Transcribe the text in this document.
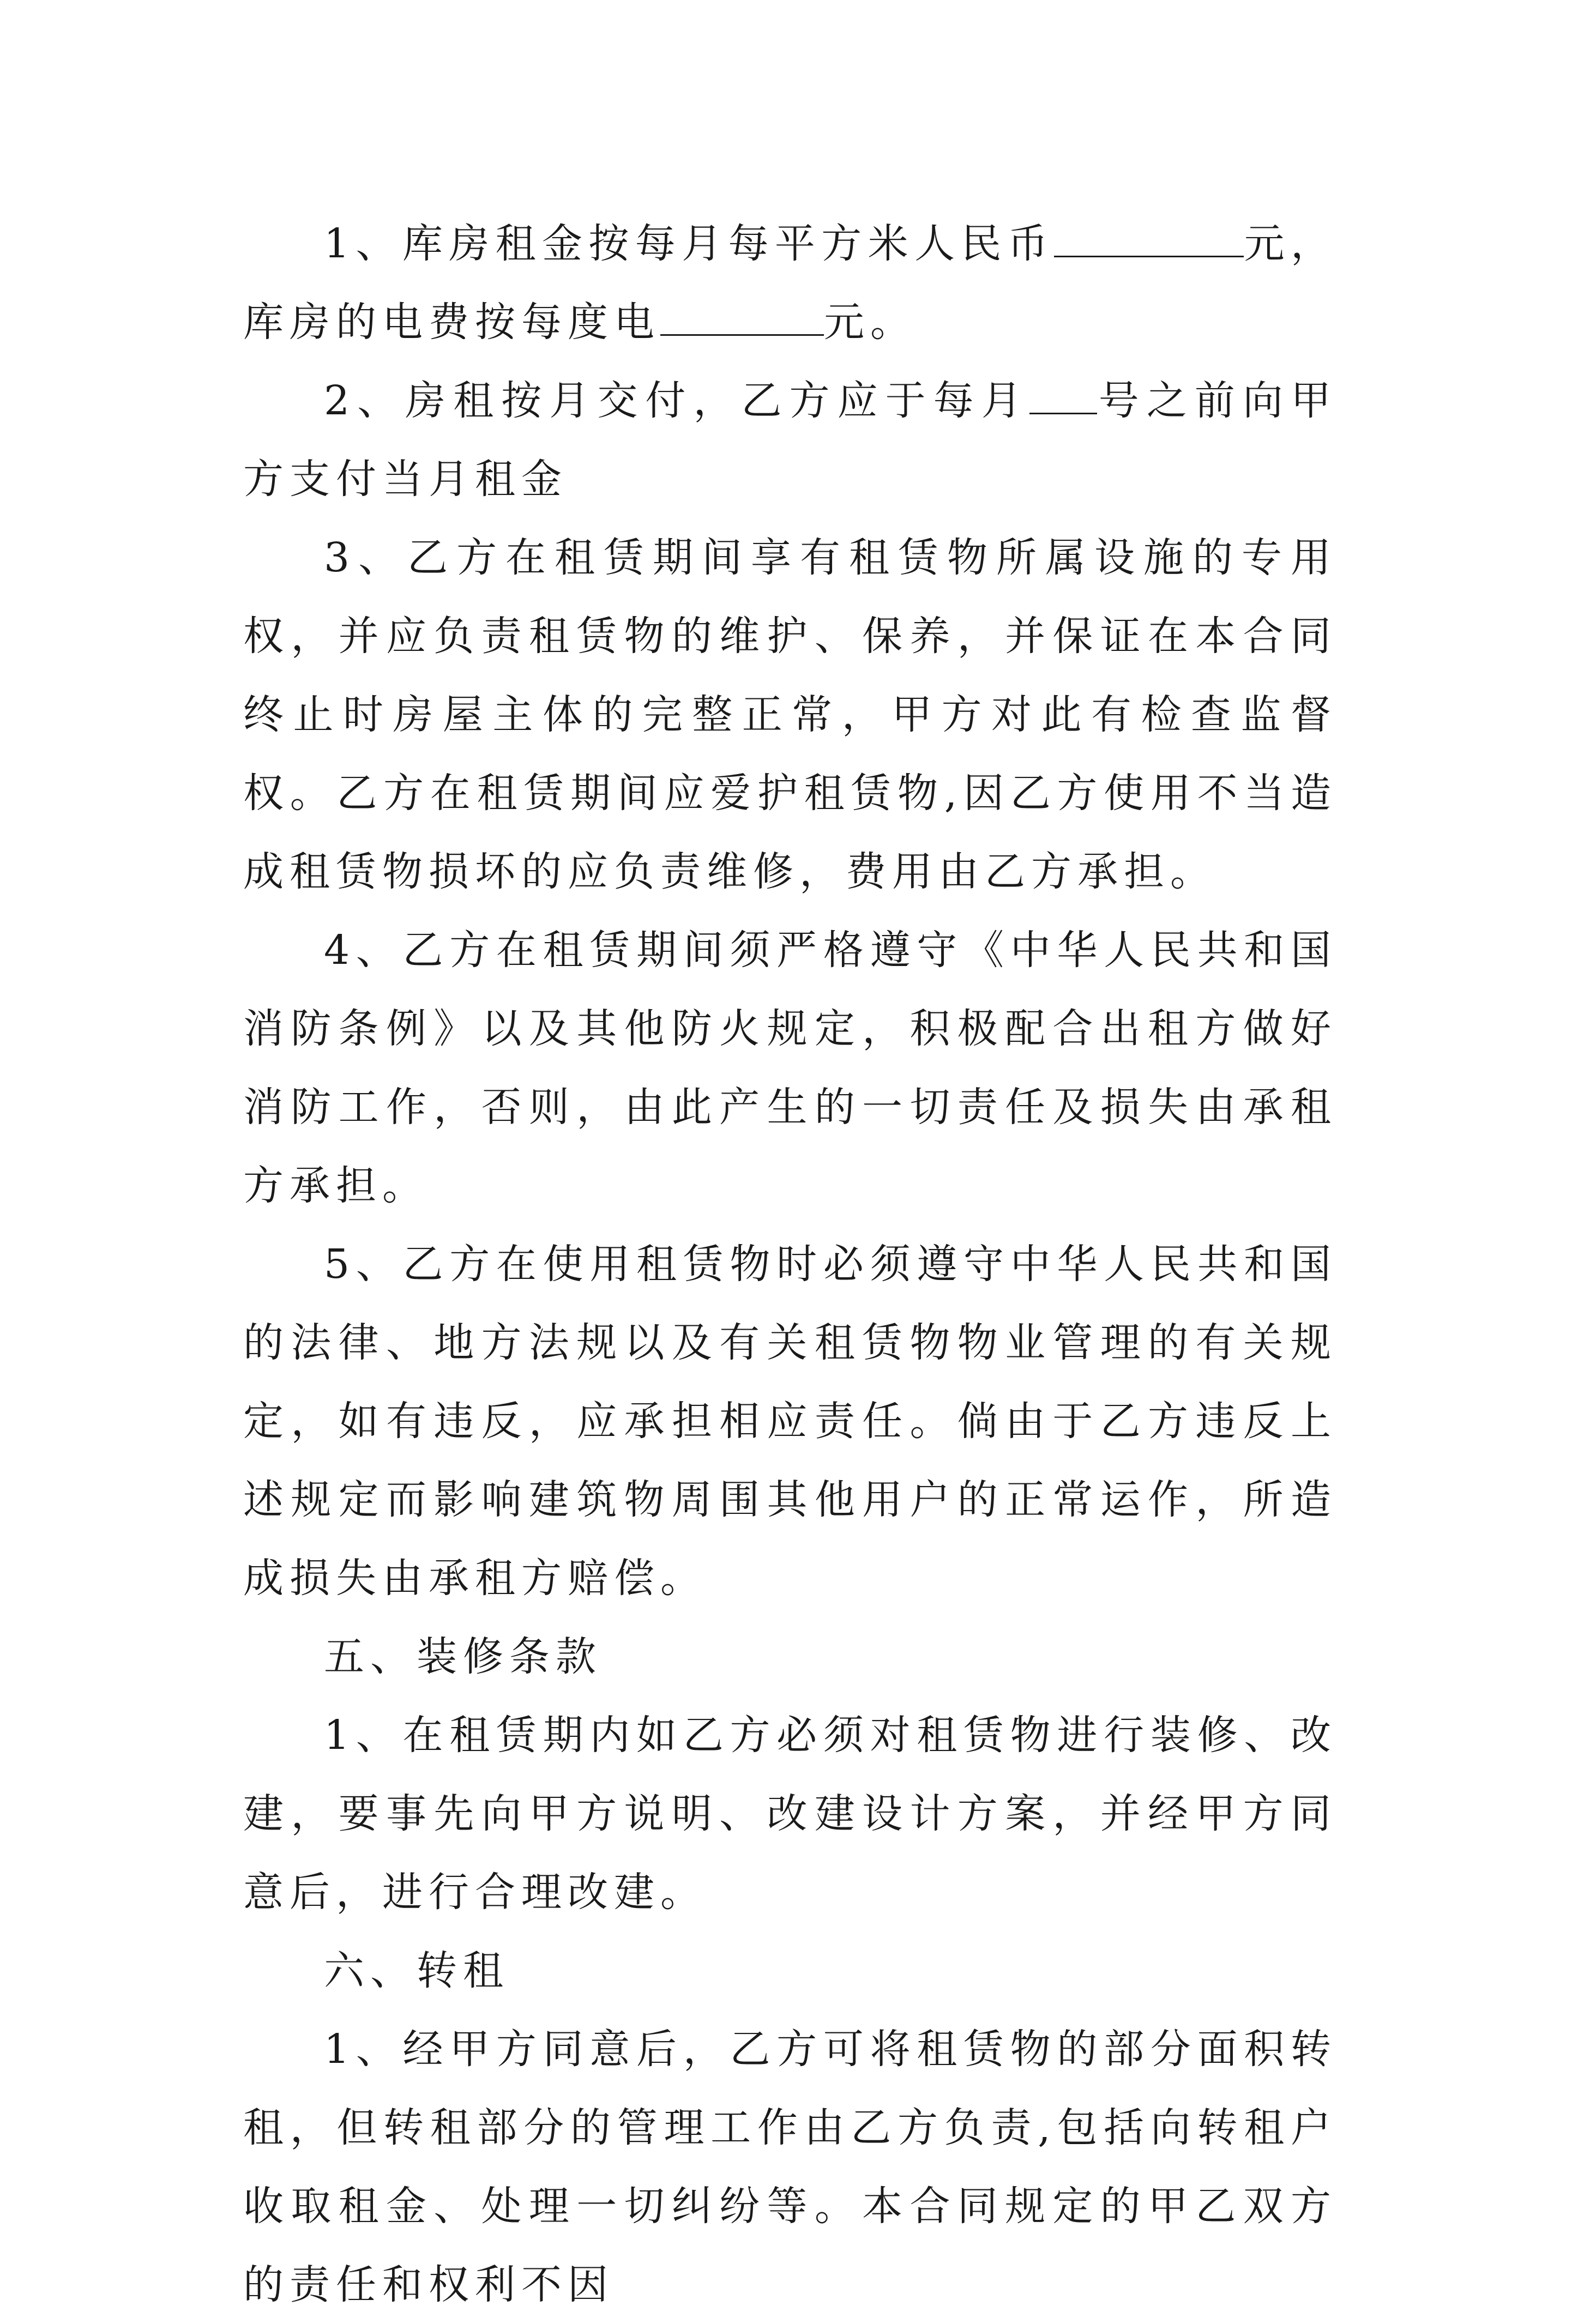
1、库房租金按每月每平方米人民币	元，库房的电费按每度电	元。

2、房租按月交付，乙方应于每月 号之前向甲方支付当月租金

3、乙方在租赁期间享有租赁物所属设施的专用权，并应负责租赁物的维护、保养，并保证在本合同终止时房屋主体的完整正常，甲方对此有检查监督权。乙方在租赁期间应爱护租赁物,因乙方使用不当造成租赁物损坏的应负责维修，费用由乙方承担。

4、乙方在租赁期间须严格遵守《中华人民共和国消防条例》以及其他防火规定，积极配合出租方做好消防工作，否则，由此产生的一切责任及损失由承租方承担。

5、乙方在使用租赁物时必须遵守中华人民共和国的法律、地方法规以及有关租赁物物业管理的有关规定，如有违反，应承担相应责任。倘由于乙方违反上述规定而影响建筑物周围其他用户的正常运作，所造成损失由承租方赔偿。

五、装修条款

1、在租赁期内如乙方必须对租赁物进行装修、改建，要事先向甲方说明、改建设计方案，并经甲方同意后，进行合理改建。

六、转租

1、经甲方同意后，乙方可将租赁物的部分面积转租，但转租部分的管理工作由乙方负责,包括向转租户收取租金、处理一切纠纷等。本合同规定的甲乙双方的责任和权利不因
